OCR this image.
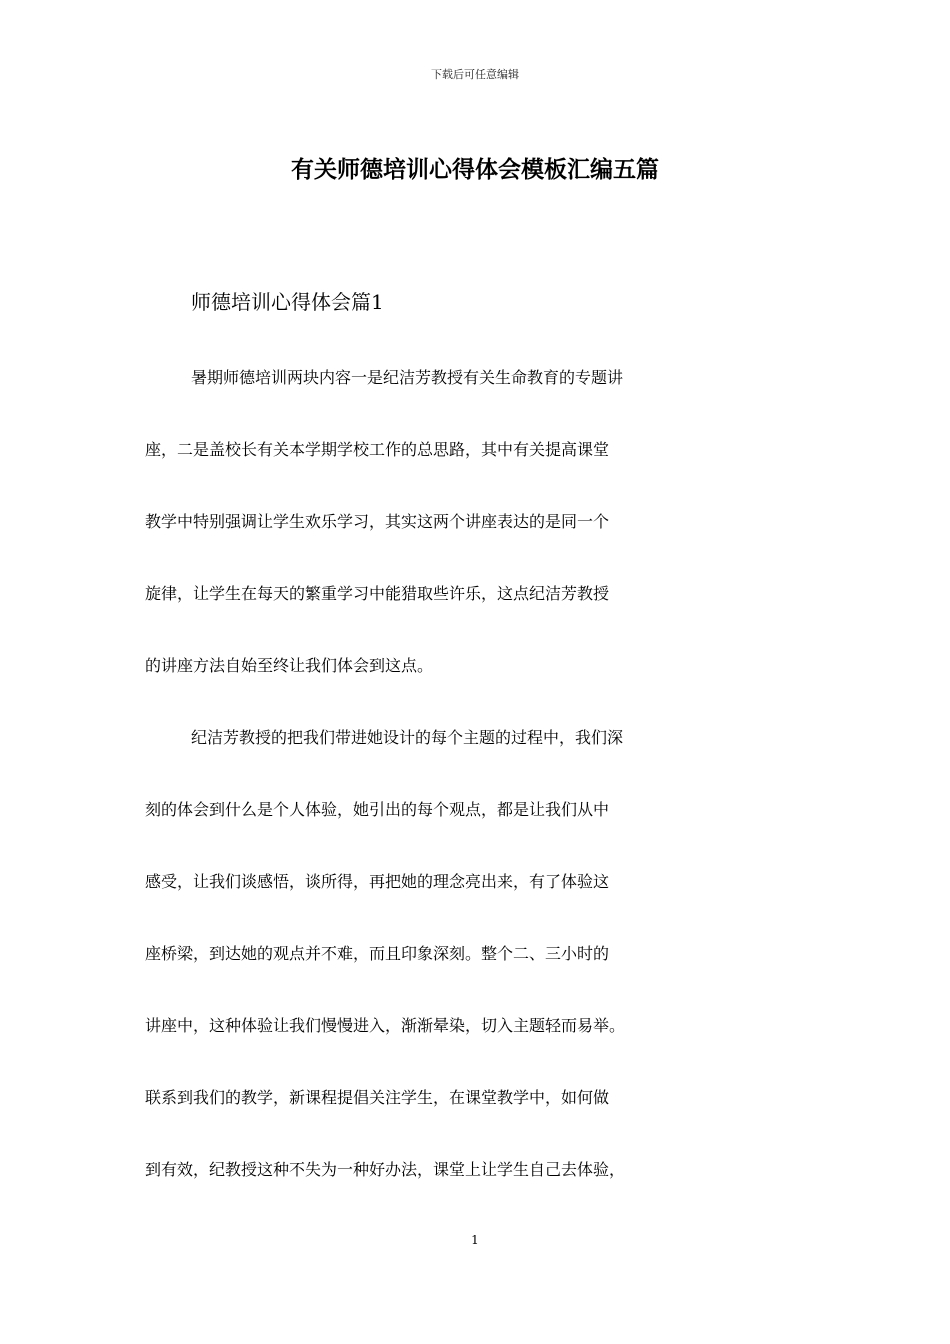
下载后可任意编辑
有关师德培训心得体会模板汇编五篇
师德培训心得体会篇1
暑期师德培训两块内容一是纪洁芳教授有关生命教育的专题讲
座，二是盖校长有关本学期学校工作的总思路，其中有关提高课堂
教学中特别强调让学生欢乐学习，其实这两个讲座表达的是同一个
旋律，让学生在每天的繁重学习中能猎取些许乐，这点纪洁芳教授
的讲座方法自始至终让我们体会到这点。
纪洁芳教授的把我们带进她设计的每个主题的过程中，我们深
刻的体会到什么是个人体验，她引出的每个观点，都是让我们从中
感受，让我们谈感悟，谈所得，再把她的理念亮出来，有了体验这
座桥梁，到达她的观点并不难，而且印象深刻。整个二、三小时的
讲座中，这种体验让我们慢慢进入，渐渐晕染，切入主题轻而易举。
联系到我们的教学，新课程提倡关注学生，在课堂教学中，如何做
到有效，纪教授这种不失为一种好办法，课堂上让学生自己去体验，
1
